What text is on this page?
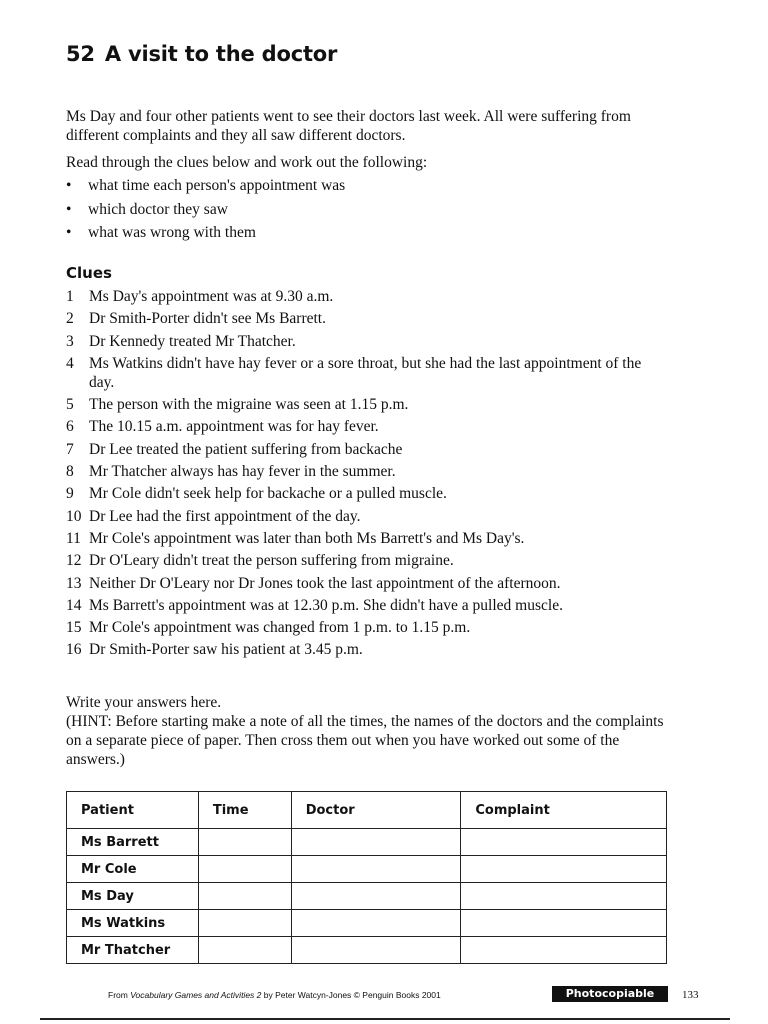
52 A visit to the doctor

Ms Day and four other patients went to see their doctors last week. All were suffering from different complaints and they all saw different doctors.

Read through the clues below and work out the following:

• what time each person's appointment was
• which doctor they saw
• what was wrong with them
Clues
1 Ms Day's appointment was at 9.30 a.m.
2 Dr Smith-Porter didn't see Ms Barrett.
3 Dr Kennedy treated Mr Thatcher.
4 Ms Watkins didn't have hay fever or a sore throat, but she had the last appointment of the day.
5 The person with the migraine was seen at 1.15 p.m.
6 The 10.15 a.m. appointment was for hay fever.
7 Dr Lee treated the patient suffering from backache
8 Mr Thatcher always has hay fever in the summer.
9 Mr Cole didn't seek help for backache or a pulled muscle.
10 Dr Lee had the first appointment of the day.
11 Mr Cole's appointment was later than both Ms Barrett's and Ms Day's.
12 Dr O'Leary didn't treat the person suffering from migraine.
13 Neither Dr O'Leary nor Dr Jones took the last appointment of the afternoon.
14 Ms Barrett's appointment was at 12.30 p.m. She didn't have a pulled muscle.
15 Mr Cole's appointment was changed from 1 p.m. to 1.15 p.m.
16 Dr Smith-Porter saw his patient at 3.45 p.m.
Write your answers here.
(HINT: Before starting make a note of all the times, the names of the doctors and the complaints on a separate piece of paper. Then cross them out when you have worked out some of the answers.)
Patient	Time	Doctor	Complaint
Ms Barrett			
Mr Cole			
Ms Day			
Ms Watkins			
Mr Thatcher			
From Vocabulary Games and Activities 2 by Peter Watcyn-Jones © Penguin Books 2001	Photocopiable	133
